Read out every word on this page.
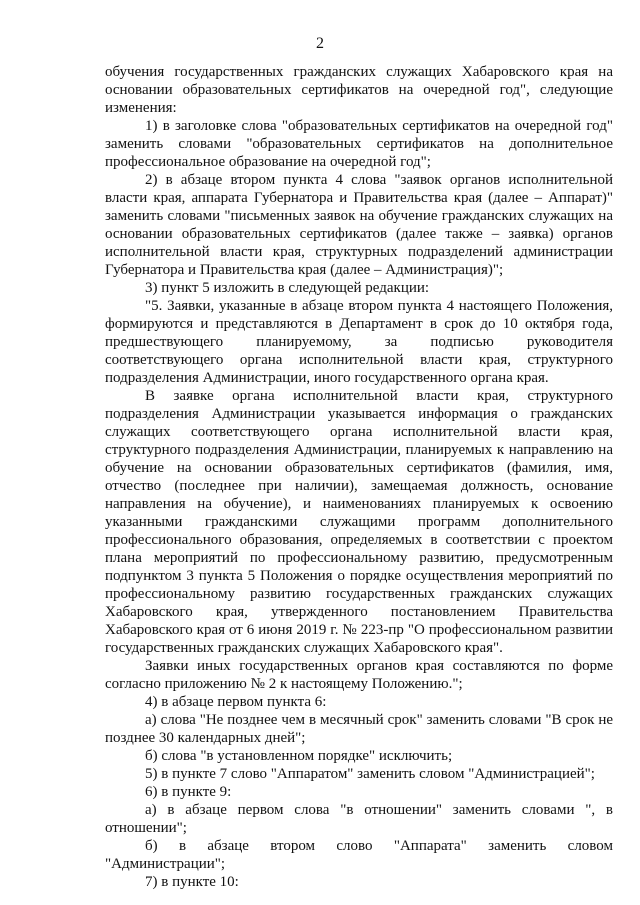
2

обучения государственных гражданских служащих Хабаровского края на основании образовательных сертификатов на очередной год", следующие изменения:

1) в заголовке слова "образовательных сертификатов на очередной год" заменить словами "образовательных сертификатов на дополнительное профессиональное образование на очередной год";

2) в абзаце втором пункта 4 слова "заявок органов исполнительной власти края, аппарата Губернатора и Правительства края (далее – Аппарат)" заменить словами "письменных заявок на обучение гражданских служащих на основании образовательных сертификатов (далее также – заявка) органов исполнительной власти края, структурных подразделений администрации Губернатора и Правительства края (далее – Администрация)";

3) пункт 5 изложить в следующей редакции:

"5. Заявки, указанные в абзаце втором пункта 4 настоящего Положения, формируются и представляются в Департамент в срок до 10 октября года, предшествующего планируемому, за подписью руководителя соответствующего органа исполнительной власти края, структурного подразделения Администрации, иного государственного органа края.

В заявке органа исполнительной власти края, структурного подразделения Администрации указывается информация о гражданских служащих соответствующего органа исполнительной власти края, структурного подразделения Администрации, планируемых к направлению на обучение на основании образовательных сертификатов (фамилия, имя, отчество (последнее при наличии), замещаемая должность, основание направления на обучение), и наименованиях планируемых к освоению указанными гражданскими служащими программ дополнительного профессионального образования, определяемых в соответствии с проектом плана мероприятий по профессиональному развитию, предусмотренным подпунктом 3 пункта 5 Положения о порядке осуществления мероприятий по профессиональному развитию государственных гражданских служащих Хабаровского края, утвержденного постановлением Правительства Хабаровского края от 6 июня 2019 г. № 223-пр "О профессиональном развитии государственных гражданских служащих Хабаровского края".

Заявки иных государственных органов края составляются по форме согласно приложению № 2 к настоящему Положению.";

4) в абзаце первом пункта 6:

а) слова "Не позднее чем в месячный срок" заменить словами "В срок не позднее 30 календарных дней";

б) слова "в установленном порядке" исключить;

5) в пункте 7 слово "Аппаратом" заменить словом "Администрацией";

6) в пункте 9:

а) в абзаце первом слова "в отношении" заменить словами ", в отношении";

б) в абзаце втором слово "Аппарата" заменить словом "Администрации";

7) в пункте 10:
